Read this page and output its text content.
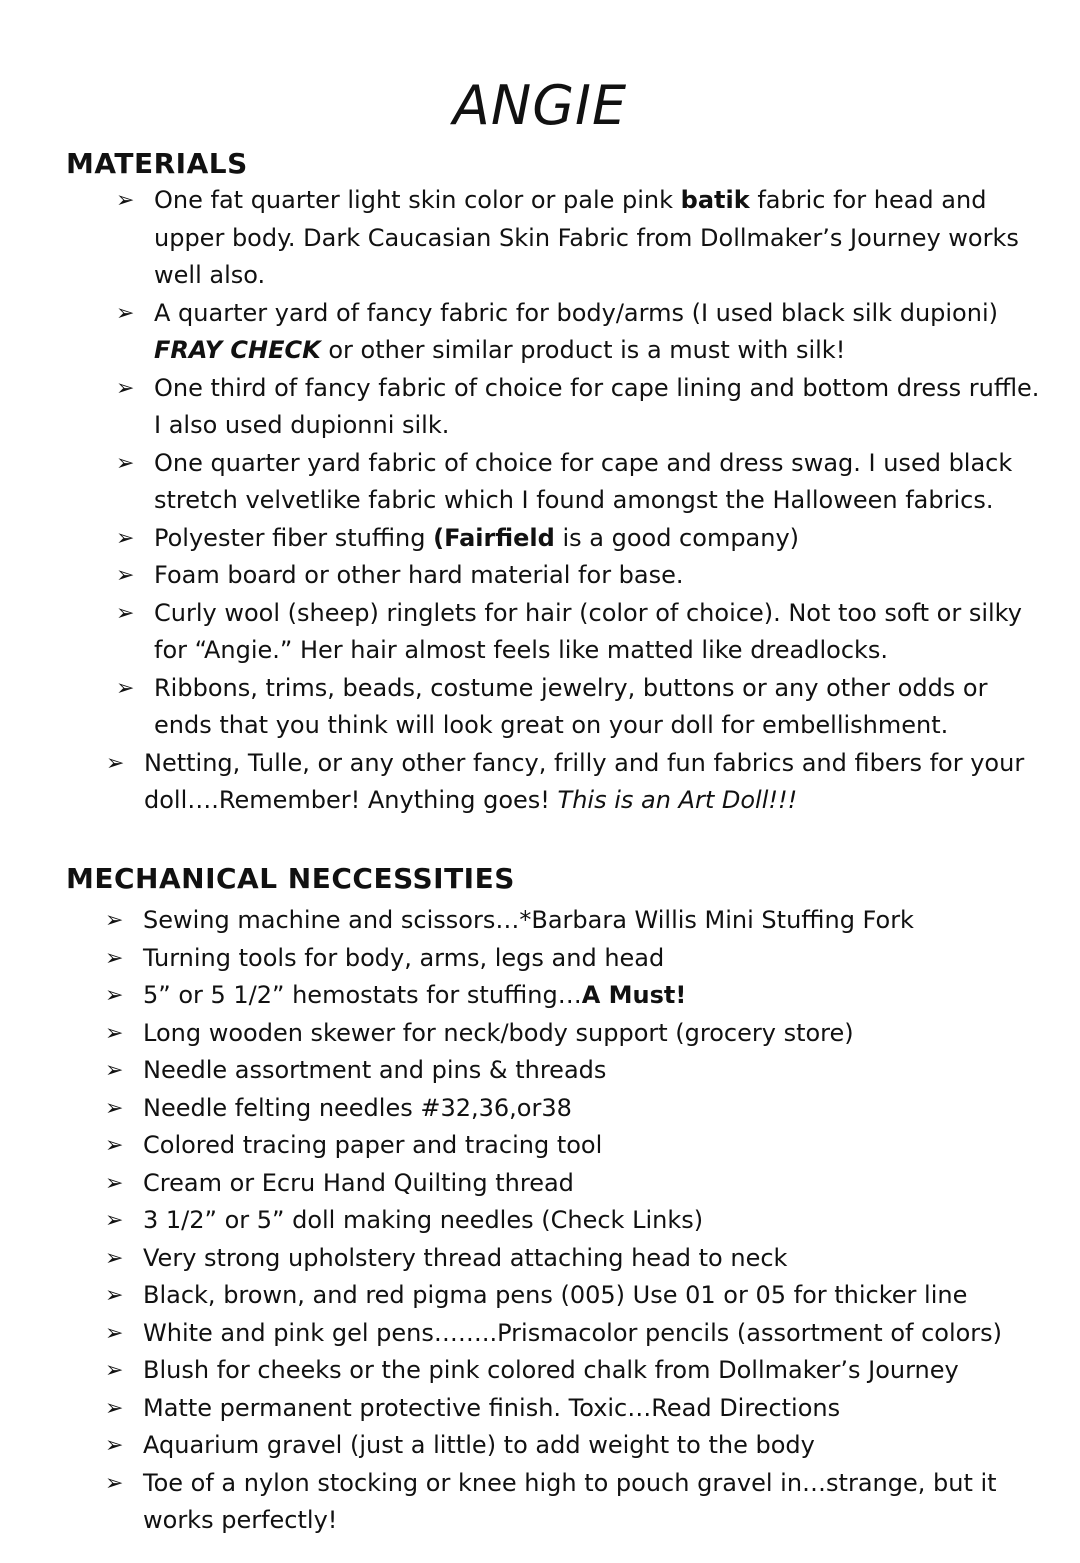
ANGIE
MATERIALS
➢ One fat quarter light skin color or pale pink batik fabric for head and upper body. Dark Caucasian Skin Fabric from Dollmaker’s Journey works well also.
➢ A quarter yard of fancy fabric for body/arms (I used black silk dupioni) FRAY CHECK or other similar product is a must with silk!
➢ One third of fancy fabric of choice for cape lining and bottom dress ruffle. I also used dupionni silk.
➢ One quarter yard fabric of choice for cape and dress swag. I used black stretch velvetlike fabric which I found amongst the Halloween fabrics.
➢ Polyester fiber stuffing (Fairfield is a good company)
➢ Foam board or other hard material for base.
➢ Curly wool (sheep) ringlets for hair (color of choice). Not too soft or silky for “Angie.” Her hair almost feels like matted like dreadlocks.
➢ Ribbons, trims, beads, costume jewelry, buttons or any other odds or ends that you think will look great on your doll for embellishment.
➢ Netting, Tulle, or any other fancy, frilly and fun fabrics and fibers for your doll….Remember! Anything goes! This is an Art Doll!!!
MECHANICAL NECCESSITIES
➢ Sewing machine and scissors…*Barbara Willis Mini Stuffing Fork
➢ Turning tools for body, arms, legs and head
➢ 5” or 5 1/2” hemostats for stuffing…A Must!
➢ Long wooden skewer for neck/body support (grocery store)
➢ Needle assortment and pins & threads
➢ Needle felting needles #32,36,or38
➢ Colored tracing paper and tracing tool
➢ Cream or Ecru Hand Quilting thread
➢ 3 1/2” or 5” doll making needles (Check Links)
➢ Very strong upholstery thread attaching head to neck
➢ Black, brown, and red pigma pens (005) Use 01 or 05 for thicker line
➢ White and pink gel pens……..Prismacolor pencils (assortment of colors)
➢ Blush for cheeks or the pink colored chalk from Dollmaker’s Journey
➢ Matte permanent protective finish. Toxic…Read Directions
➢ Aquarium gravel (just a little) to add weight to the body
➢ Toe of a nylon stocking or knee high to pouch gravel in…strange, but it works perfectly!
